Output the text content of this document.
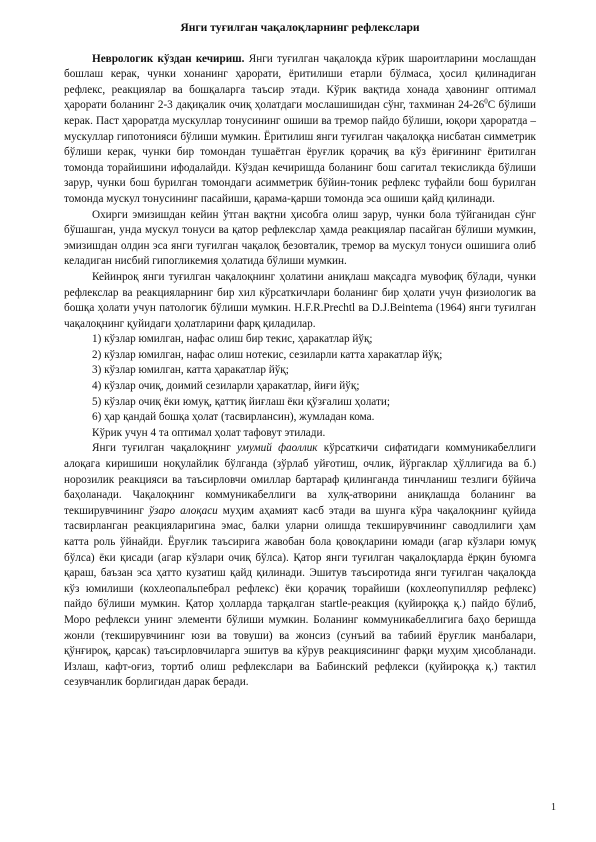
Янги туғилган чақалоқларнинг рефлекслари

Неврологик кўздан кечириш. Янги туғилган чақалоқда кўрик шароитларини мослашдан бошлаш керак, чунки хонанинг ҳарорати, ёритилиши етарли бўлмаса, ҳосил қилинадиган рефлекс, реакциялар ва бошқаларга таъсир этади. Кўрик вақтида хонада ҳавонинг оптимал ҳарорати боланинг 2-3 дақиқалик очиқ ҳолатдаги мослашишидан сўнг, тахминан $24-26^0С$ бўлиши керак. Паст ҳароратда мускуллар тонусининг ошиши ва тремор пайдо бўлиши, юқори ҳароратда – мускуллар гипотонияси бўлиши мумкин. Ёритилиш янги туғилган чақалоққа нисбатан симметрик бўлиши керак, чунки бир томондан тушаётган ёруғлик қорачиқ ва кўз ёриғининг ёритилган томонда торайишини ифодалайди. Кўздан кечиришда боланинг бош сагитал текисликда бўлиши зарур, чунки бош бурилган томондаги асимметрик бўйин-тоник рефлекс туфайли бош бурилган томонда мускул тонусининг пасайиши, қарама-қарши томонда эса ошиши қайд қилинади.

Охирги эмизишдан кейин ўтган вақтни ҳисобга олиш зарур, чунки бола тўйганидан сўнг бўшашган, унда мускул тонуси ва қатор рефлекслар ҳамда реакциялар пасайган бўлиши мумкин, эмизишдан олдин эса янги туғилган чақалоқ безовталик, тремор ва мускул тонуси ошишига олиб келадиган нисбий гипогликемия ҳолатида бўлиши мумкин.

Кейинроқ янги туғилган чақалоқнинг ҳолатини аниқлаш мақсадга мувофиқ бўлади, чунки рефлекслар ва реакцияларнинг бир хил кўрсаткичлари боланинг бир ҳолати учун физиологик ва бошқа ҳолати учун патологик бўлиши мумкин. H.F.R.Prechtl ва D.J.Beintema (1964) янги туғилган чақалоқнинг қуйидаги ҳолатларини фарқ қиладилар.

1) кўзлар юмилган, нафас олиш бир текис, ҳаракатлар йўқ;

2) кўзлар юмилган, нафас олиш нотекис, сезиларли катта харакатлар йўқ;

3) кўзлар юмилган, катта ҳаракатлар йўқ;

4) кўзлар очиқ, доимий сезиларли ҳаракатлар, йиғи йўқ;

5) кўзлар очиқ ёки юмуқ, қаттиқ йиғлаш ёки қўзғалиш ҳолати;

6) ҳар қандай бошқа ҳолат (тасвирлансин), жумладан кома.

Кўрик учун 4 та оптимал ҳолат тафовут этилади.

Янги туғилган чақалоқнинг умумий фаоллик кўрсаткичи сифатидаги коммуникабеллиги алоқага киришиши ноқулайлик бўлганда (зўрлаб уйғотиш, очлик, йўргаклар ҳўллигида ва б.) норозилик реакцияси ва таъсирловчи омиллар бартараф қилинганда тинчланиш тезлиги бўйича баҳоланади. Чақалоқнинг коммуникабеллиги ва хулқ-атворини аниқлашда боланинг ва текширувчининг ўзаро алоқаси муҳим аҳамият касб этади ва шунга кўра чақалоқнинг қуйида тасвирланган реакцияларигина эмас, балки уларни олишда текширувчининг саводлилиги ҳам катта роль ўйнайди. Ёруғлик таъсирига жавобан бола қовоқларини юмади (агар кўзлари юмуқ бўлса) ёки қисади (агар кўзлари очиқ бўлса). Қатор янги туғилган чақалоқларда ёрқин буюмга қараш, баъзан эса ҳатто кузатиш қайд қилинади. Эшитув таъсиротида янги туғилган чақалоқда кўз юмилиши (кохлеопальпебрал рефлекс) ёки қорачиқ торайиши (кохлеопупилляр рефлекс) пайдо бўлиши мумкин. Қатор ҳолларда тарқалган startle-реакция (қуйироққа қ.) пайдо бўлиб, Моро рефлекси унинг элементи бўлиши мумкин. Боланинг коммуникабеллигига баҳо беришда жонли (текширувчининг юзи ва товуши) ва жонсиз (сунъий ва табиий ёруғлик манбалари, қўнғироқ, қарсак) таъсирловчиларга эшитув ва кўрув реакциясининг фарқи муҳим ҳисобланади. Излаш, кафт-оғиз, тортиб олиш рефлекслари ва Бабинский рефлекси (қуйироққа қ.) тактил сезувчанлик борлигидан дарак беради.

1
